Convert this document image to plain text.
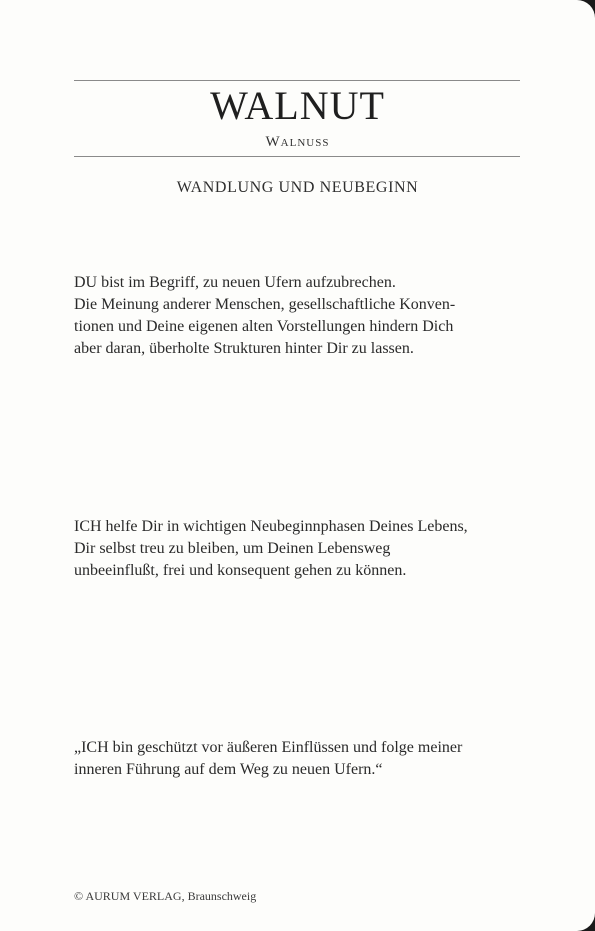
WALNUT
Walnuss
WANDLUNG UND NEUBEGINN
DU bist im Begriff, zu neuen Ufern aufzubrechen.
Die Meinung anderer Menschen, gesellschaftliche Konven-
tionen und Deine eigenen alten Vorstellungen hindern Dich
aber daran, überholte Strukturen hinter Dir zu lassen.
ICH helfe Dir in wichtigen Neubeginnphasen Deines Lebens,
Dir selbst treu zu bleiben, um Deinen Lebensweg
unbeeinflußt, frei und konsequent gehen zu können.
„ICH bin geschützt vor äußeren Einflüssen und folge meiner
inneren Führung auf dem Weg zu neuen Ufern.“
© AURUM VERLAG, Braunschweig
